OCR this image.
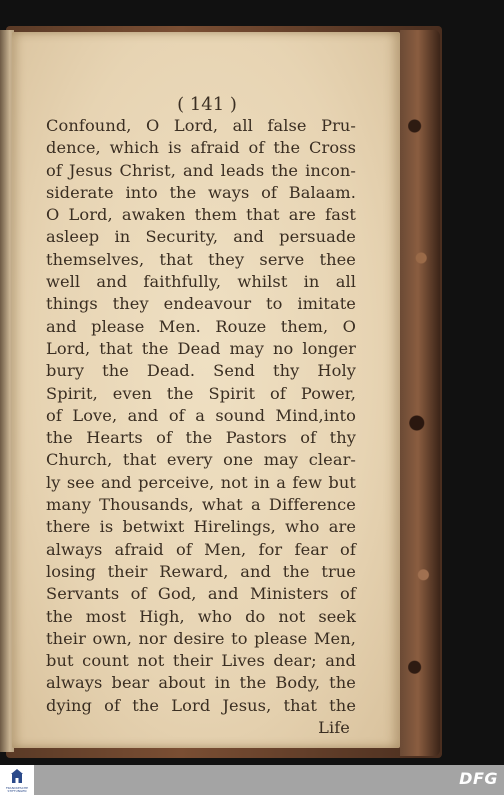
( 141 )
Confound, O Lord, all false Pru-
dence, which is afraid of the Cross
of Jesus Christ, and leads the incon-
siderate into the ways of Balaam.
O Lord, awaken them that are fast
asleep in Security, and persuade
themselves, that they serve thee
well and faithfully, whilst in all
things they endeavour to imitate
and please Men. Rouze them, O
Lord, that the Dead may no longer
bury the Dead. Send thy Holy
Spirit, even the Spirit of Power,
of Love, and of a sound Mind,into
the Hearts of the Pastors of thy
Church, that every one may clear-
ly see and perceive, not in a few but
many Thousands, what a Difference
there is betwixt Hirelings, who are
always afraid of Men, for fear of
losing their Reward, and the true
Servants of God, and Ministers of
the most High, who do not seek
their own, nor desire to please Men,
but count not their Lives dear; and
always bear about in the Body, the
dying of the Lord Jesus, that the
Life
FRANCKESCHE STIFTUNGEN
DFG
